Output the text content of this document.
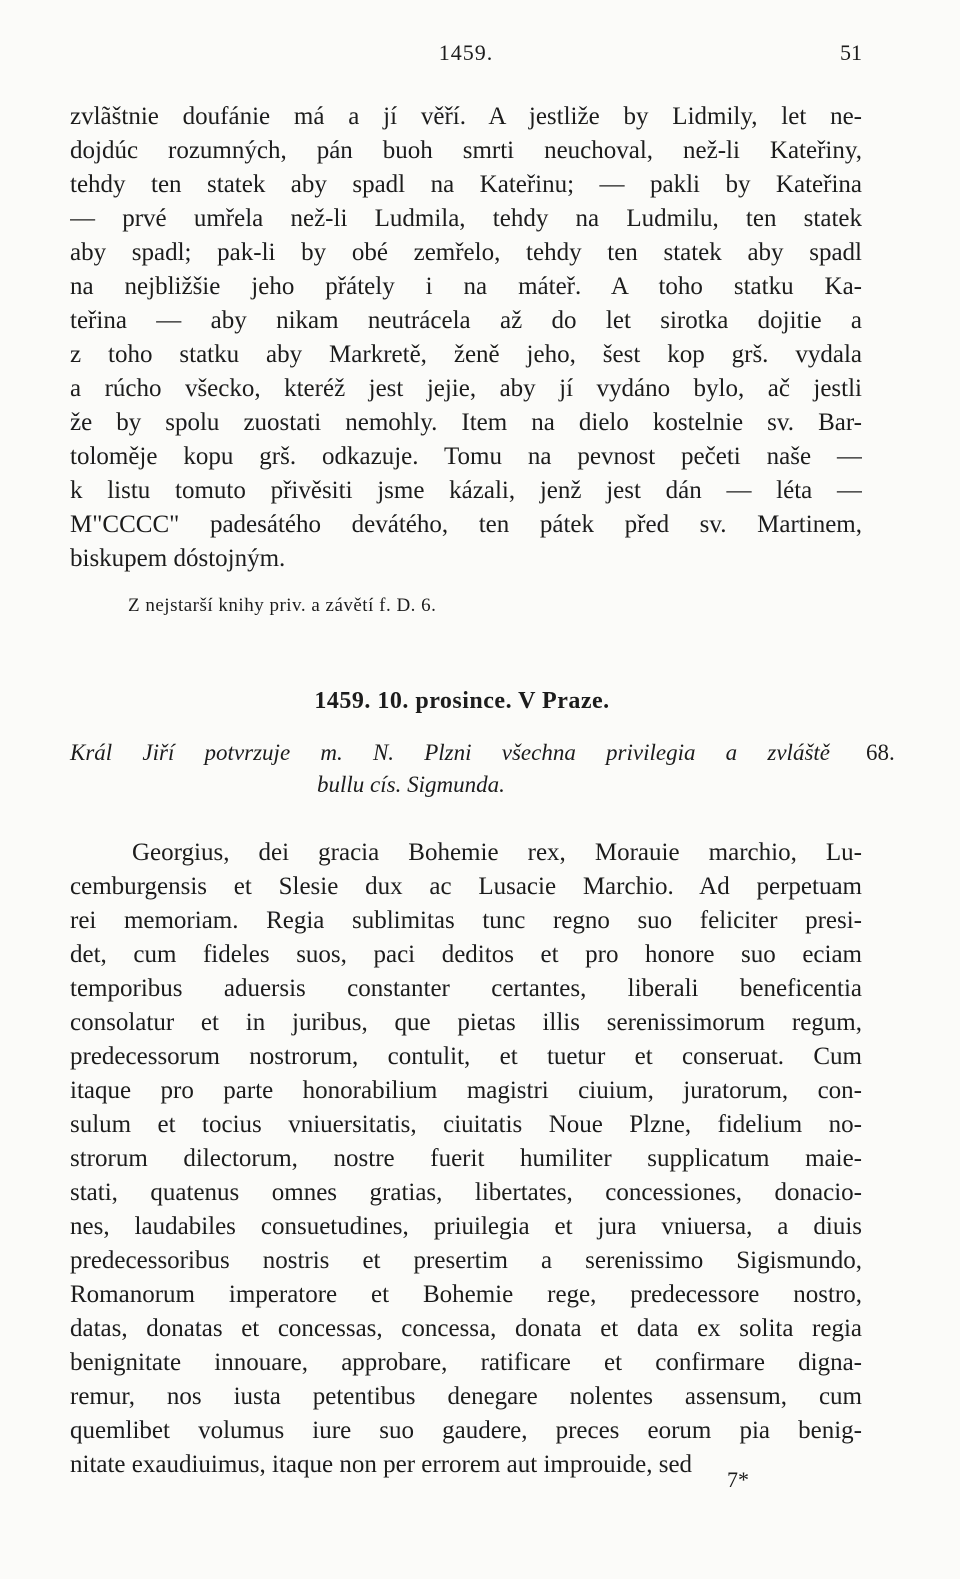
1459.	51
zvlãštnie doufánie má a jí věří. A jestliže by Lidmily, let ne-
dojdúc rozumných, pán buoh smrti neuchoval, než-li Kateřiny,
tehdy ten statek aby spadl na Kateřinu; — pakli by Kateřina
— prvé umřela než-li Ludmila, tehdy na Ludmilu, ten statek
aby spadl; pak-li by obé zemřelo, tehdy ten statek aby spadl
na nejbližšie jeho přátely i na máteř. A toho statku Ka-
teřina — aby nikam neutrácela až do let sirotka dojitie a
z toho statku aby Markretě, ženě jeho, šest kop grš. vydala
a rúcho všecko, kteréž jest jejie, aby jí vydáno bylo, ač jestli
že by spolu zuostati nemohly. Item na dielo kostelnie sv. Bar-
toloměje kopu grš. odkazuje. Tomu na pevnost pečeti naše —
k listu tomuto přivěsiti jsme kázali, jenž jest dán — léta —
M"CCCC" padesátého devátého, ten pátek před sv. Martinem,
biskupem dóstojným.
Z nejstarší knihy priv. a závětí f. D. 6.
1459. 10. prosince. V Praze.
Král Jiří potvrzuje m. N. Plzni všechna privilegia a zvláště
bullu cís. Sigmunda.
68.
Georgius, dei gracia Bohemie rex, Morauie marchio, Lu-
cemburgensis et Slesie dux ac Lusacie Marchio. Ad perpetuam
rei memoriam. Regia sublimitas tunc regno suo feliciter presi-
det, cum fideles suos, paci deditos et pro honore suo eciam
temporibus aduersis constanter certantes, liberali beneficentia
consolatur et in juribus, que pietas illis serenissimorum regum,
predecessorum nostrorum, contulit, et tuetur et conseruat. Cum
itaque pro parte honorabilium magistri ciuium, juratorum, con-
sulum et tocius vniuersitatis, ciuitatis Noue Plzne, fidelium no-
strorum dilectorum, nostre fuerit humiliter supplicatum maie-
stati, quatenus omnes gratias, libertates, concessiones, donacio-
nes, laudabiles consuetudines, priuilegia et jura vniuersa, a diuis
predecessoribus nostris et presertim a serenissimo Sigismundo,
Romanorum imperatore et Bohemie rege, predecessore nostro,
datas, donatas et concessas, concessa, donata et data ex solita regia
benignitate innouare, approbare, ratificare et confirmare digna-
remur, nos iusta petentibus denegare nolentes assensum, cum
quemlibet volumus iure suo gaudere, preces eorum pia benig-
nitate exaudiuimus, itaque non per errorem aut improuide, sed
7*
